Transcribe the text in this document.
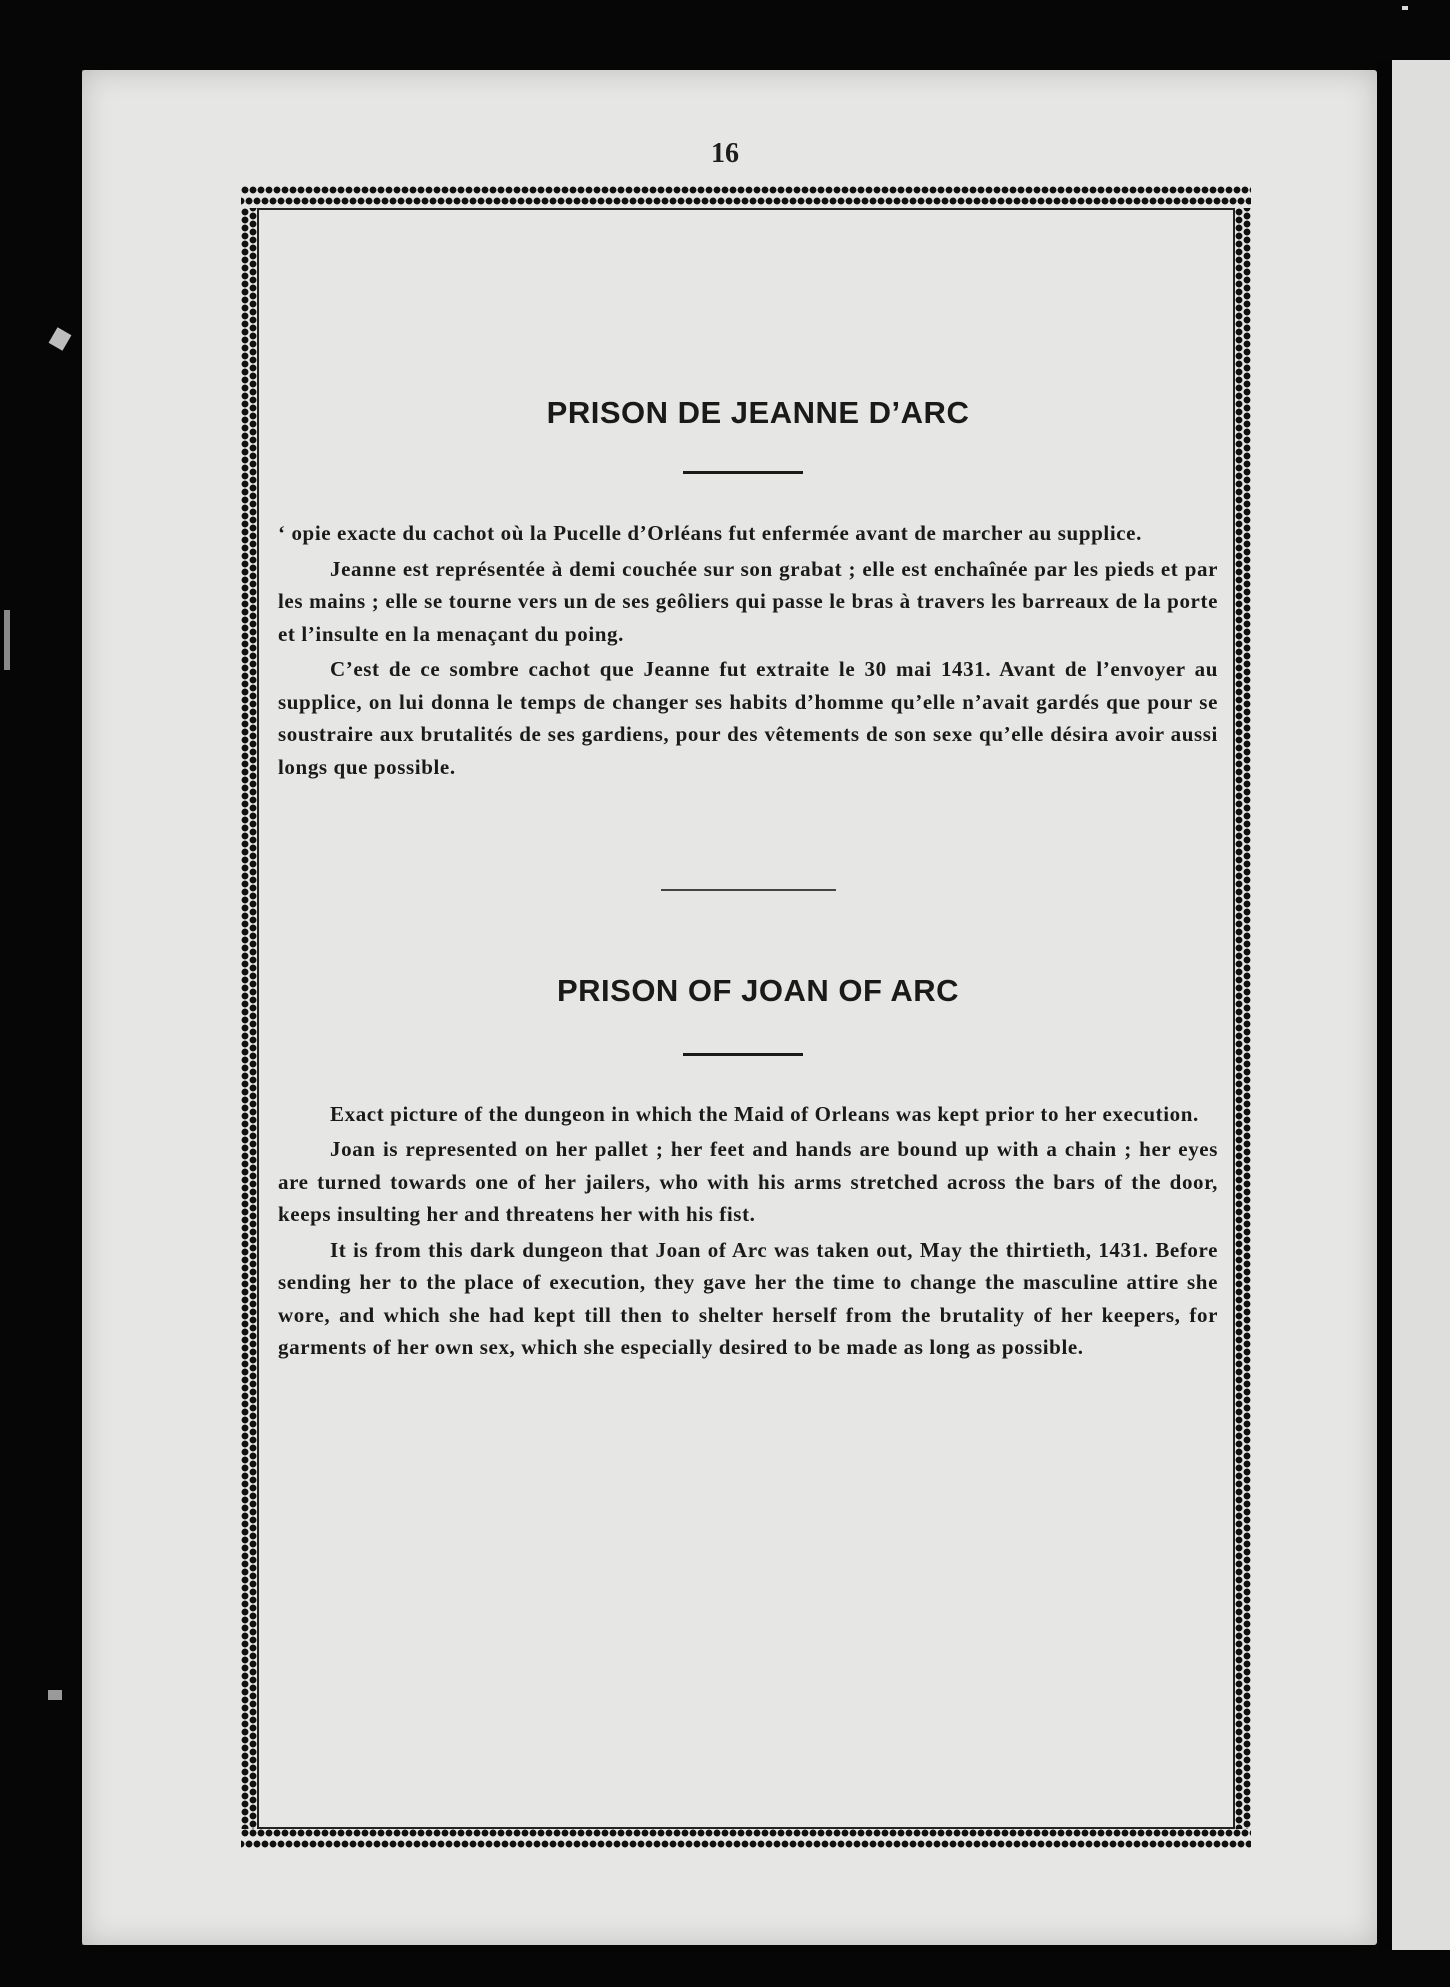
16
PRISON DE JEANNE D’ARC

‘ opie exacte du cachot où la Pucelle d’Orléans fut enfermée avant de marcher au supplice.

Jeanne est représentée à demi couchée sur son grabat ; elle est enchaînée par les pieds et par les mains ; elle se tourne vers un de ses geôliers qui passe le bras à travers les barreaux de la porte et l’insulte en la menaçant du poing.

C’est de ce sombre cachot que Jeanne fut extraite le 30 mai 1431. Avant de l’envoyer au supplice, on lui donna le temps de changer ses habits d’homme qu’elle n’avait gardés que pour se soustraire aux brutalités de ses gardiens, pour des vêtements de son sexe qu’elle désira avoir aussi longs que possible.

PRISON OF JOAN OF ARC

Exact picture of the dungeon in which the Maid of Orleans was kept prior to her execution.

Joan is represented on her pallet ; her feet and hands are bound up with a chain ; her eyes are turned towards one of her jailers, who with his arms stretched across the bars of the door, keeps insulting her and threatens her with his fist.

It is from this dark dungeon that Joan of Arc was taken out, May the thirtieth, 1431. Before sending her to the place of execution, they gave her the time to change the masculine attire she wore, and which she had kept till then to shelter herself from the brutality of her keepers, for garments of her own sex, which she especially desired to be made as long as possible.
